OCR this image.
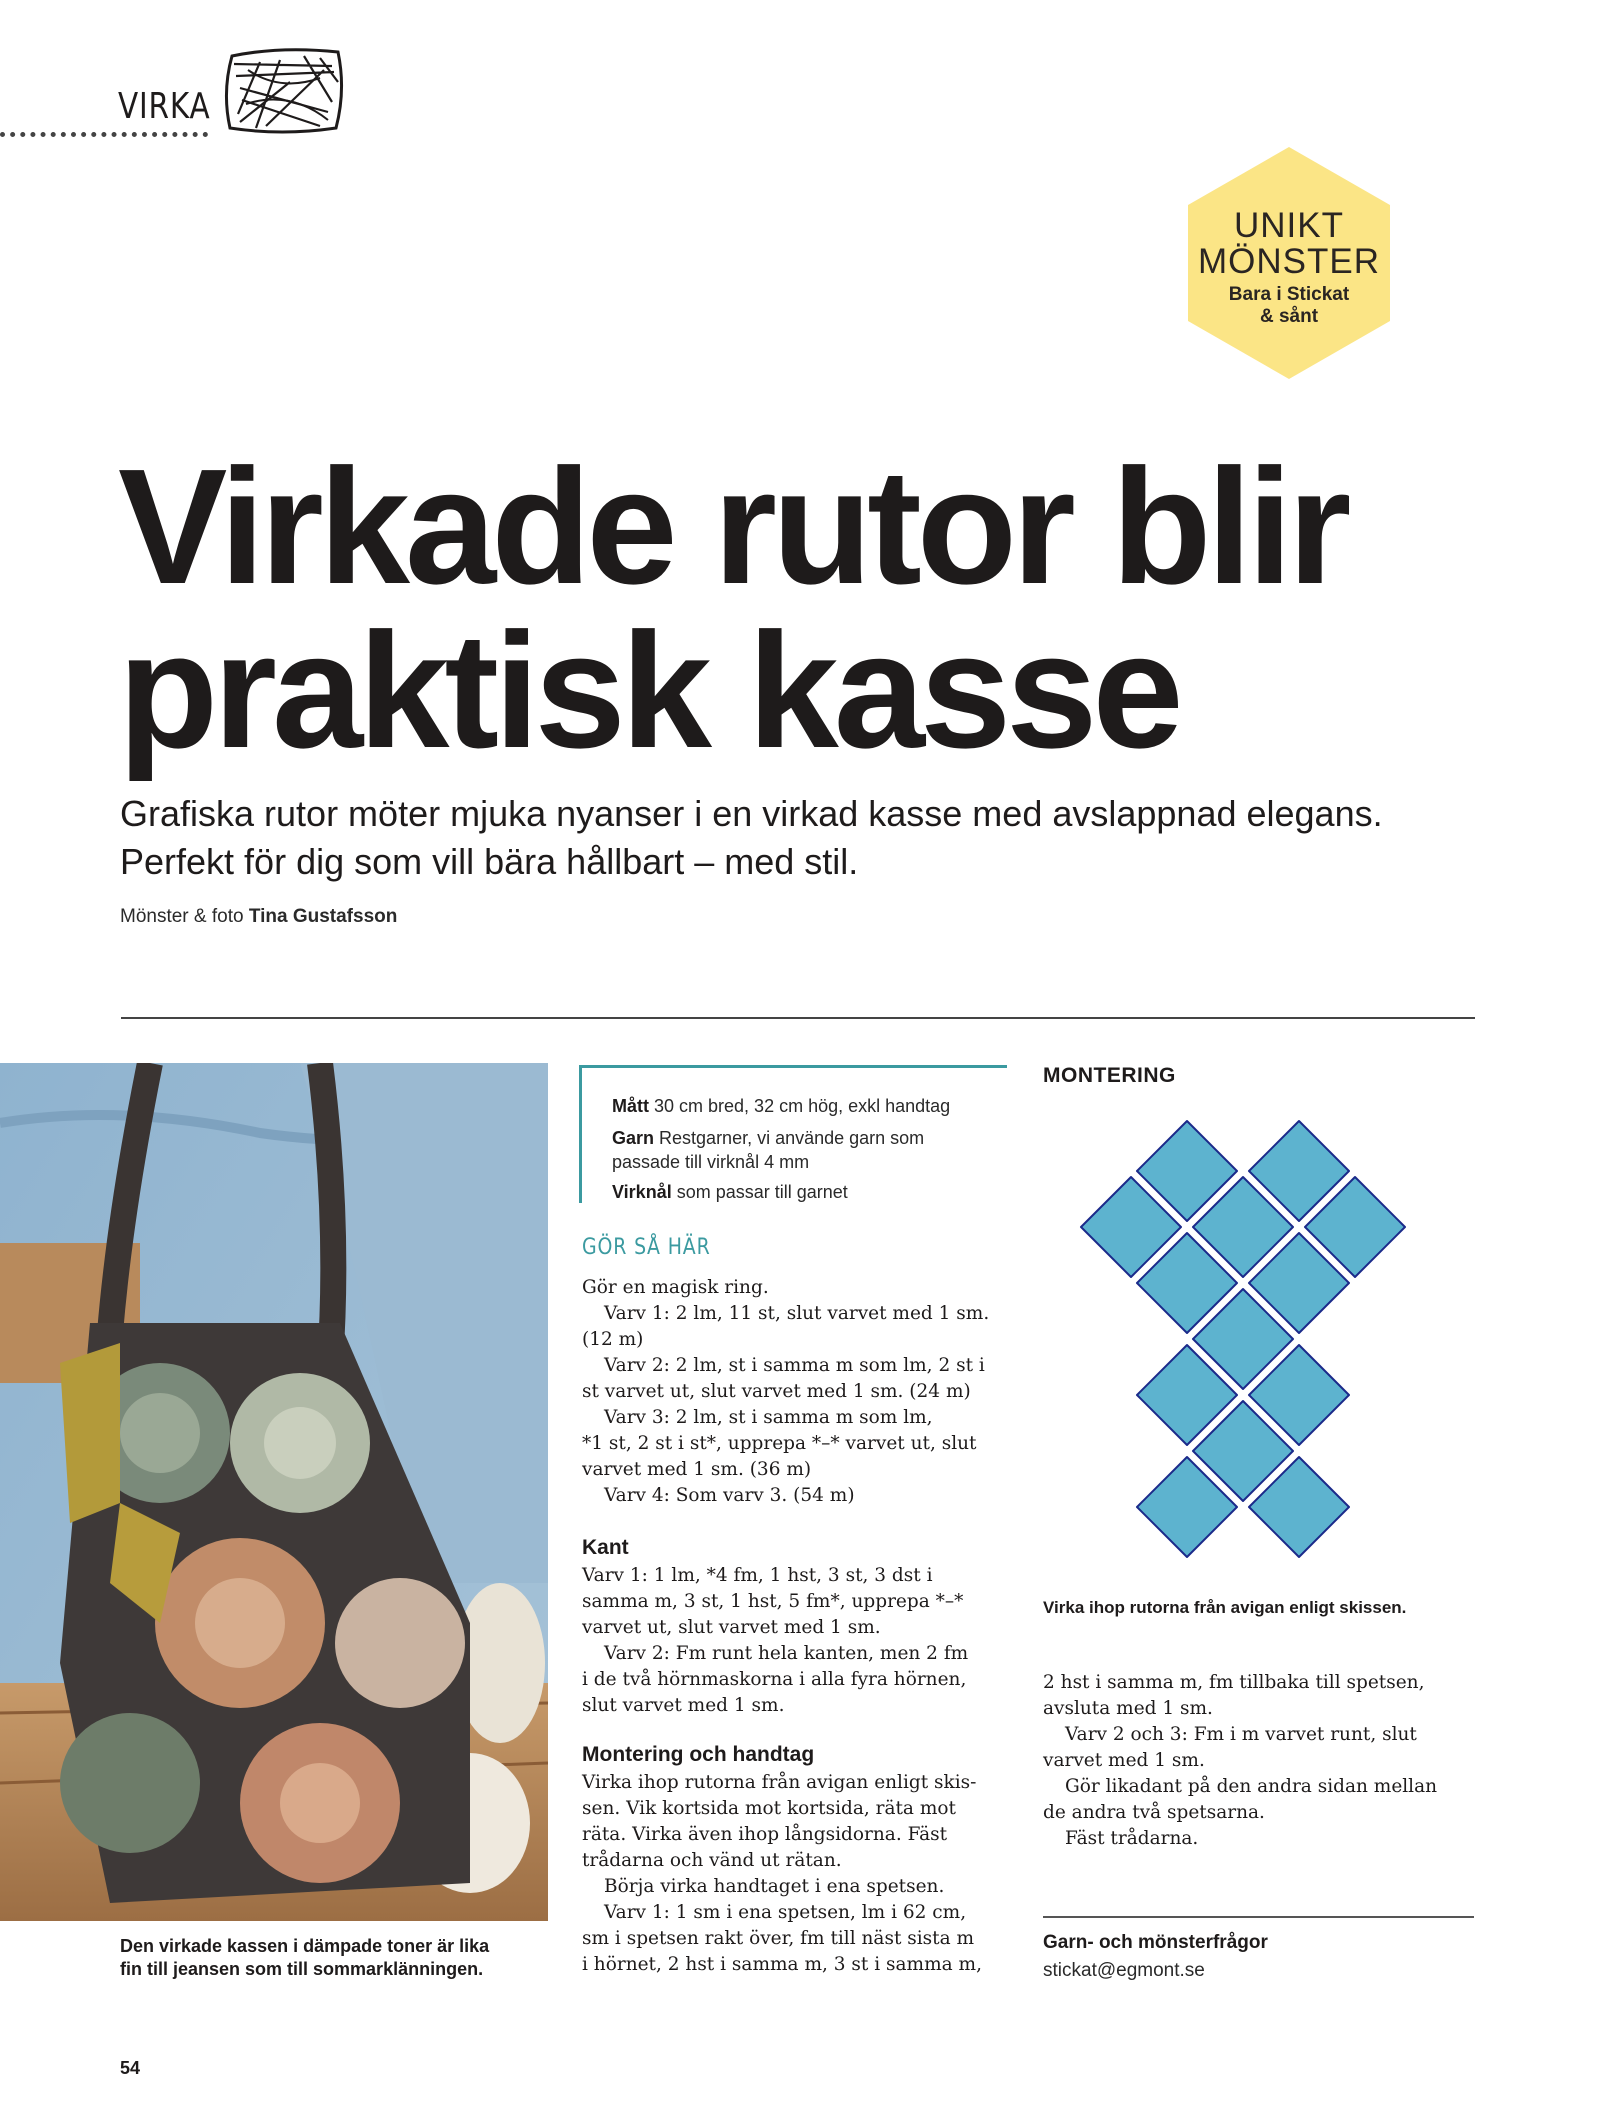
VIRKA
UNIKT
MÖNSTER
Bara i Stickat
& sånt
Virkade rutor blir
praktisk kasse

Grafiska rutor möter mjuka nyanser i en virkad kasse med avslappnad elegans.
Perfekt för dig som vill bära hållbart – med stil.

Mönster & foto Tina Gustafsson
Den virkade kassen i dämpade toner är lika
fin till jeansen som till sommarklänningen.
Mått 30 cm bred, 32 cm hög, exkl handtag
Garn Restgarner, vi använde garn som
passade till virknål 4 mm
Virknål som passar till garnet
GÖR SÅ HÄR

Gör en magisk ring.

Varv 1: 2 lm, 11 st, slut varvet med 1 sm.

(12 m)

Varv 2: 2 lm, st i samma m som lm, 2 st i

st varvet ut, slut varvet med 1 sm. (24 m)

Varv 3: 2 lm, st i samma m som lm,

*1 st, 2 st i st*, upprepa *–* varvet ut, slut

varvet med 1 sm. (36 m)

Varv 4: Som varv 3. (54 m)

Kant

Varv 1: 1 lm, *4 fm, 1 hst, 3 st, 3 dst i

samma m, 3 st, 1 hst, 5 fm*, upprepa *–*

varvet ut, slut varvet med 1 sm.

Varv 2: Fm runt hela kanten, men 2 fm

i de två hörnmaskorna i alla fyra hörnen,

slut varvet med 1 sm.

Montering och handtag

Virka ihop rutorna från avigan enligt skis-

sen. Vik kortsida mot kortsida, räta mot

räta. Virka även ihop långsidorna. Fäst

trådarna och vänd ut rätan.

Börja virka handtaget i ena spetsen.

Varv 1: 1 sm i ena spetsen, lm i 62 cm,

sm i spetsen rakt över, fm till näst sista m

i hörnet, 2 hst i samma m, 3 st i samma m,

MONTERING
Virka ihop rutorna från avigan enligt skissen.

2 hst i samma m, fm tillbaka till spetsen,

avsluta med 1 sm.

Varv 2 och 3: Fm i m varvet runt, slut

varvet med 1 sm.

Gör likadant på den andra sidan mellan

de andra två spetsarna.

Fäst trådarna.

Garn- och mönsterfrågor
stickat@egmont.se
54
